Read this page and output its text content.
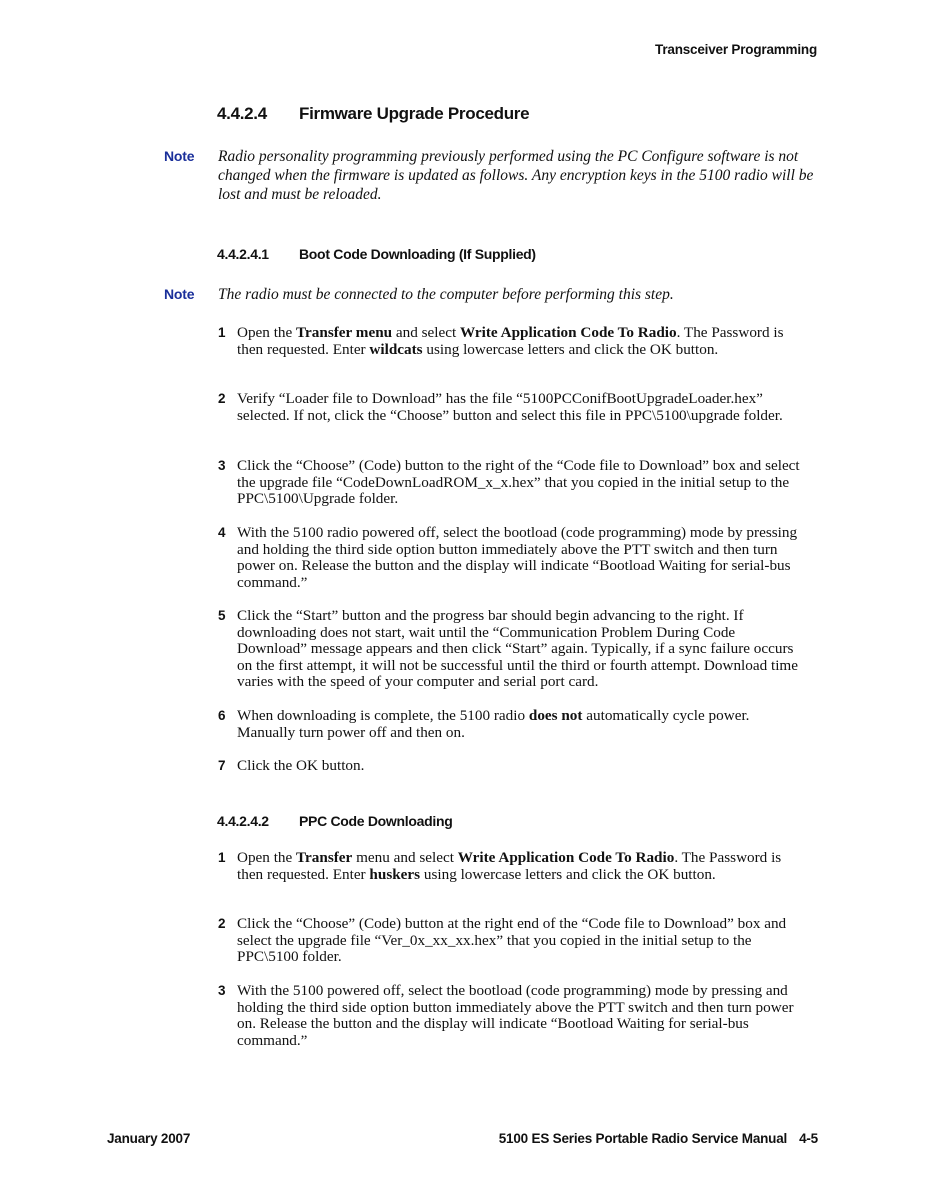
Transceiver Programming
4.4.2.4 Firmware Upgrade Procedure
Note Radio personality programming previously performed using the PC Configure software is not changed when the firmware is updated as follows. Any encryption keys in the 5100 radio will be lost and must be reloaded.
4.4.2.4.1 Boot Code Downloading (If Supplied)
Note The radio must be connected to the computer before performing this step.
1 Open the Transfer menu and select Write Application Code To Radio. The Password is then requested. Enter wildcats using lowercase letters and click the OK button.
2 Verify “Loader file to Download” has the file “5100PCConifBootUpgradeLoader.hex” selected. If not, click the “Choose” button and select this file in PPC\5100\upgrade folder.
3 Click the “Choose” (Code) button to the right of the “Code file to Download” box and select the upgrade file “CodeDownLoadROM_x_x.hex” that you copied in the initial setup to the PPC\5100\Upgrade folder.
4 With the 5100 radio powered off, select the bootload (code programming) mode by pressing and holding the third side option button immediately above the PTT switch and then turn power on. Release the button and the display will indicate “Bootload Waiting for serial-bus command.”
5 Click the “Start” button and the progress bar should begin advancing to the right. If downloading does not start, wait until the “Communication Problem During Code Download” message appears and then click “Start” again. Typically, if a sync failure occurs on the first attempt, it will not be successful until the third or fourth attempt. Download time varies with the speed of your computer and serial port card.
6 When downloading is complete, the 5100 radio does not automatically cycle power. Manually turn power off and then on.
7 Click the OK button.
4.4.2.4.2 PPC Code Downloading
1 Open the Transfer menu and select Write Application Code To Radio. The Password is then requested. Enter huskers using lowercase letters and click the OK button.
2 Click the “Choose” (Code) button at the right end of the “Code file to Download” box and select the upgrade file “Ver_0x_xx_xx.hex” that you copied in the initial setup to the PPC\5100 folder.
3 With the 5100 powered off, select the bootload (code programming) mode by pressing and holding the third side option button immediately above the PTT switch and then turn power on. Release the button and the display will indicate “Bootload Waiting for serial-bus command.”
January 2007	5100 ES Series Portable Radio Service Manual 4-5
